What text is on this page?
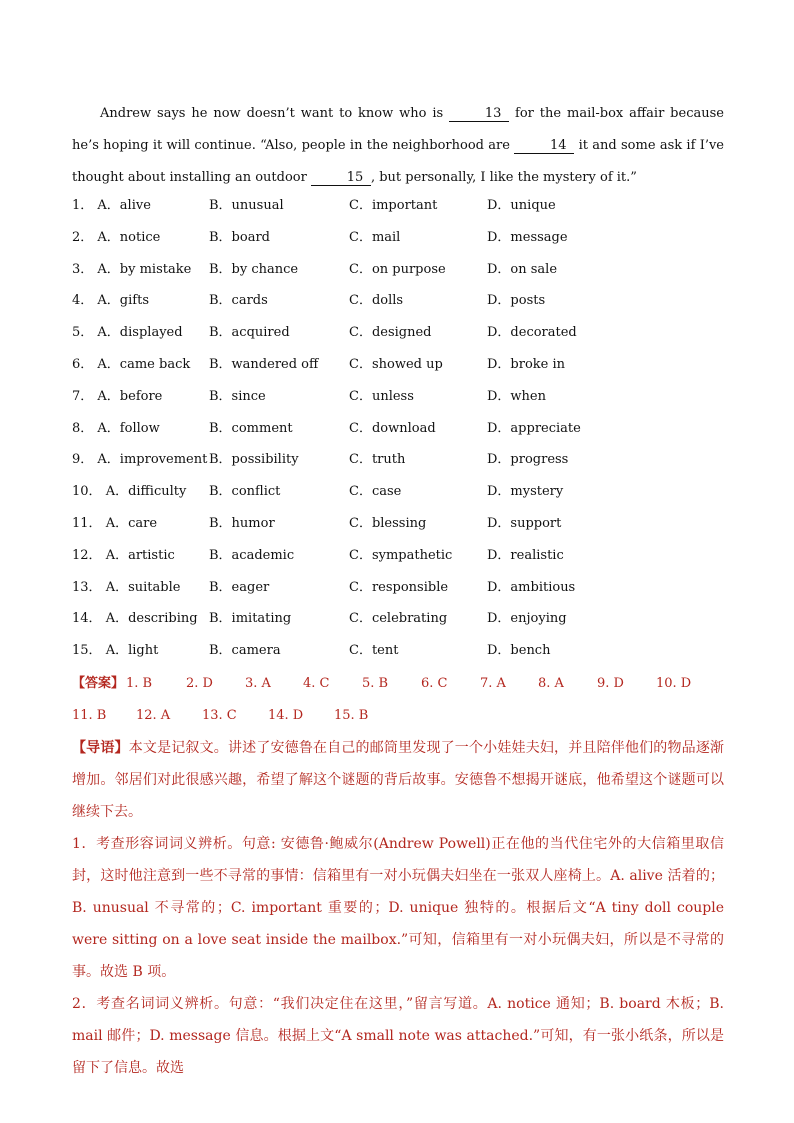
Andrew says he now doesn’t want to know who is	13 for the mail-box affair because he’s hoping it will continue. “Also, people in the neighborhood are	14 it and some ask if I’ve thought about installing an outdoor	15 , but personally, I like the mystery of it.”

1． A．alive	B．unusual	C．important	D．unique
2． A．notice	B．board	C．mail	D．message
3． A．by mistake B．by chance	C．on purpose	D．on sale
4． A．gifts	B．cards	C．dolls	D．posts
5． A．displayed B．acquired	C．designed	D．decorated
6． A．came back B．wandered off C．showed up	D．broke in
7． A．before	B．since	C．unless	D．when
8． A．follow	B．comment	C．download	D．appreciate
9． A．improvement B．possibility	C．truth	D．progress
10． A．difficulty B．conflict	C．case	D．mystery
11． A．care	B．humor	C．blessing	D．support
12． A．artistic	B．academic	C．sympathetic	D．realistic
13． A．suitable B．eager	C．responsible	D．ambitious
14． A．describing B．imitating	C．celebrating	D．enjoying
15． A．light	B．camera	C．tent	D．bench
【答案】 1. B	2. D 3. A 4. C	5. B	6. C	7. A 8. A	9. D 10. D
11. B 12. A 13. C 14. D 15. B

【导语】本文是记叙文。讲述了安德鲁在自己的邮筒里发现了一个小娃娃夫妇，并且陪伴他们的物品逐渐增加。邻居们对此很感兴趣，希望了解这个谜题的背后故事。安德鲁不想揭开谜底，他希望这个谜题可以继续下去。

1．考查形容词词义辨析。句意: 安德鲁·鲍威尔(Andrew Powell)正在他的当代住宅外的大信箱里取信封，这时他注意到一些不寻常的事情：信箱里有一对小玩偶夫妇坐在一张双人座椅上。A. alive 活着的；B. unusual 不寻常的；C. important 重要的；D. unique 独特的。根据后文“A tiny doll couple were sitting on a love seat inside the mailbox.”可知，信箱里有一对小玩偶夫妇，所以是不寻常的事。故选 B 项。

2．考查名词词义辨析。句意：“我们决定住在这里，”留言写道。A. notice 通知；B. board 木板；B. mail 邮件；D. message 信息。根据上文“A small note was attached.”可知，有一张小纸条，所以是留下了信息。故选
